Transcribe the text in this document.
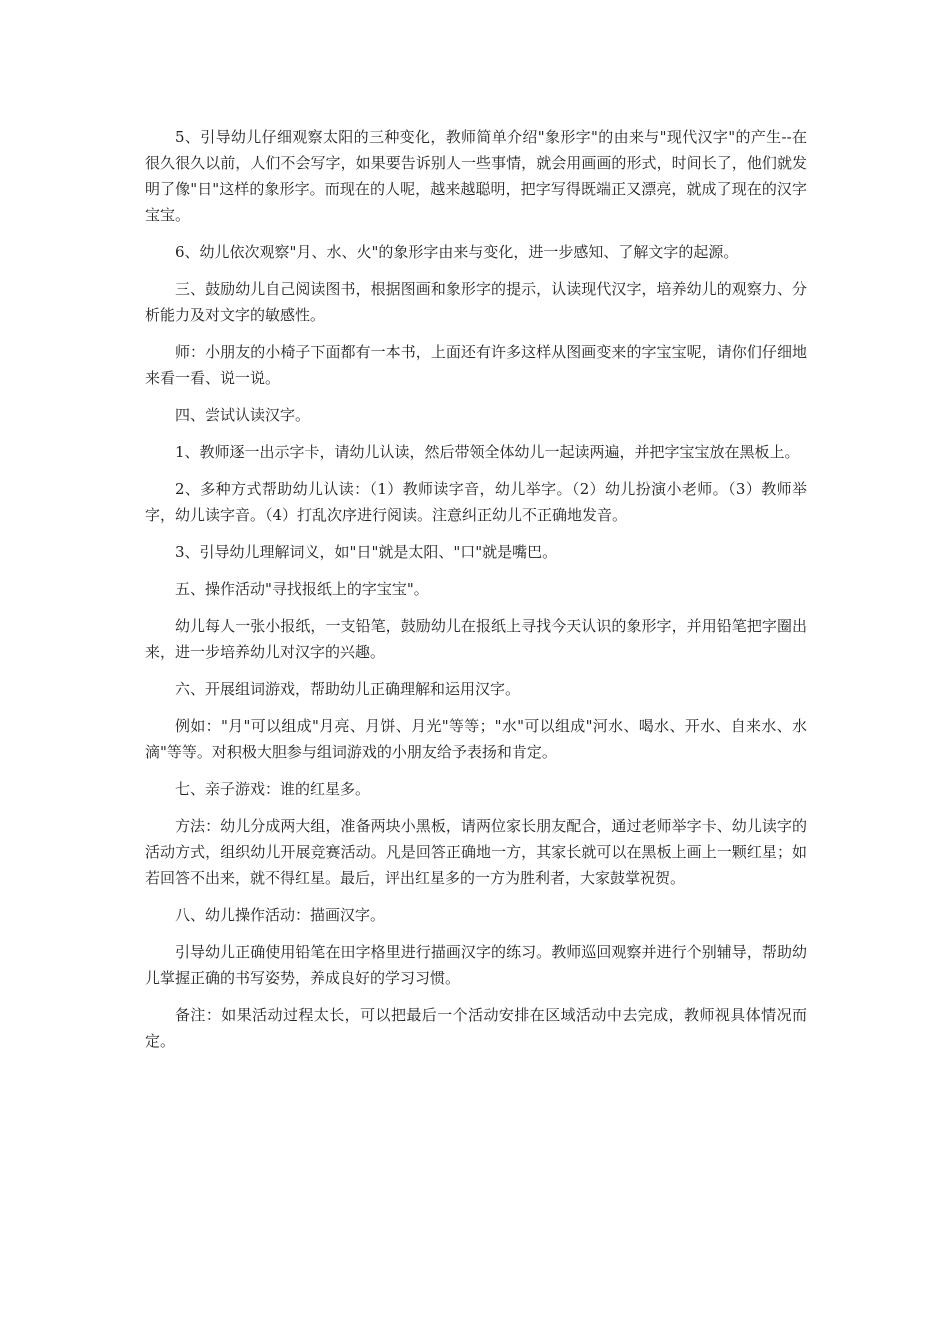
5、引导幼儿仔细观察太阳的三种变化，教师简单介绍"象形字"的由来与"现代汉字"的产生--在很久很久以前，人们不会写字，如果要告诉别人一些事情，就会用画画的形式，时间长了，他们就发明了像"日"这样的象形字。而现在的人呢，越来越聪明，把字写得既端正又漂亮，就成了现在的汉字宝宝。

6、幼儿依次观察"月、水、火"的象形字由来与变化，进一步感知、了解文字的起源。

三、鼓励幼儿自己阅读图书，根据图画和象形字的提示，认读现代汉字，培养幼儿的观察力、分析能力及对文字的敏感性。

师：小朋友的小椅子下面都有一本书，上面还有许多这样从图画变来的字宝宝呢，请你们仔细地来看一看、说一说。

四、尝试认读汉字。

1、教师逐一出示字卡，请幼儿认读，然后带领全体幼儿一起读两遍，并把字宝宝放在黑板上。

2、多种方式帮助幼儿认读：（1）教师读字音，幼儿举字。（2）幼儿扮演小老师。（3）教师举字，幼儿读字音。（4）打乱次序进行阅读。注意纠正幼儿不正确地发音。

3、引导幼儿理解词义，如"日"就是太阳、"口"就是嘴巴。

五、操作活动"寻找报纸上的字宝宝"。

幼儿每人一张小报纸，一支铅笔，鼓励幼儿在报纸上寻找今天认识的象形字，并用铅笔把字圈出来，进一步培养幼儿对汉字的兴趣。

六、开展组词游戏，帮助幼儿正确理解和运用汉字。

例如："月"可以组成"月亮、月饼、月光"等等；"水"可以组成"河水、喝水、开水、自来水、水滴"等等。对积极大胆参与组词游戏的小朋友给予表扬和肯定。

七、亲子游戏：谁的红星多。

方法：幼儿分成两大组，准备两块小黑板，请两位家长朋友配合，通过老师举字卡、幼儿读字的活动方式，组织幼儿开展竞赛活动。凡是回答正确地一方，其家长就可以在黑板上画上一颗红星；如若回答不出来，就不得红星。最后，评出红星多的一方为胜利者，大家鼓掌祝贺。

八、幼儿操作活动：描画汉字。

引导幼儿正确使用铅笔在田字格里进行描画汉字的练习。教师巡回观察并进行个别辅导，帮助幼儿掌握正确的书写姿势，养成良好的学习习惯。

备注：如果活动过程太长，可以把最后一个活动安排在区域活动中去完成，教师视具体情况而定。
